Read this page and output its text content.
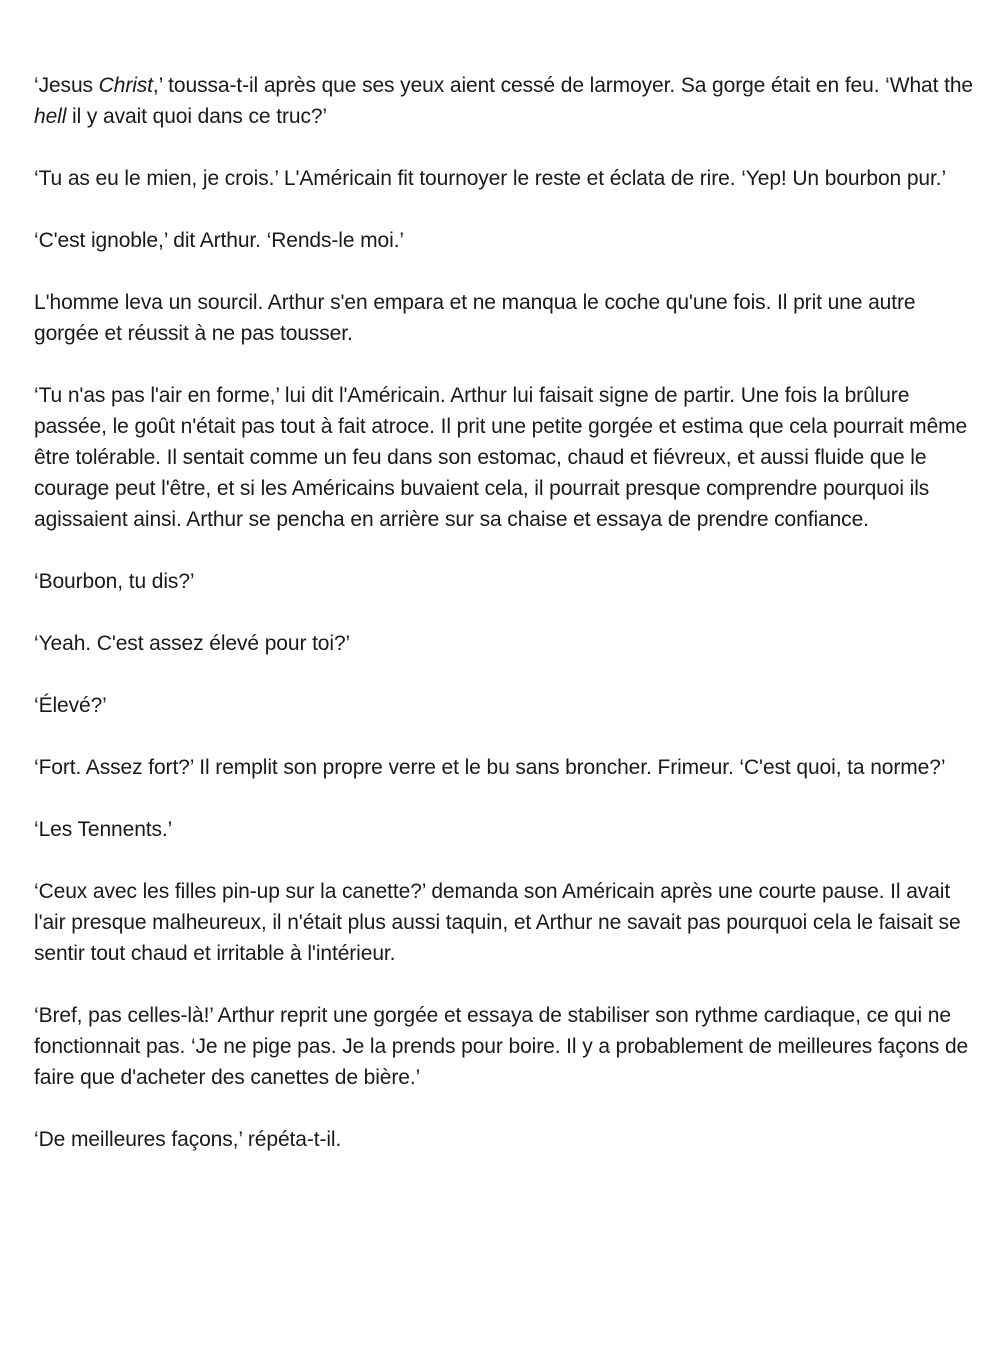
‘Jesus Christ,’ toussa-t-il après que ses yeux aient cessé de larmoyer. Sa gorge était en feu. ‘What the hell il y avait quoi dans ce truc?’

‘Tu as eu le mien, je crois.’ L'Américain fit tournoyer le reste et éclata de rire. ‘Yep! Un bourbon pur.’

‘C'est ignoble,’ dit Arthur. ‘Rends-le moi.’

L'homme leva un sourcil. Arthur s'en empara et ne manqua le coche qu'une fois. Il prit une autre gorgée et réussit à ne pas tousser.

‘Tu n'as pas l'air en forme,’ lui dit l'Américain. Arthur lui faisait signe de partir. Une fois la brûlure passée, le goût n'était pas tout à fait atroce. Il prit une petite gorgée et estima que cela pourrait même être tolérable. Il sentait comme un feu dans son estomac, chaud et fiévreux, et aussi fluide que le courage peut l'être, et si les Américains buvaient cela, il pourrait presque comprendre pourquoi ils agissaient ainsi. Arthur se pencha en arrière sur sa chaise et essaya de prendre confiance.

‘Bourbon, tu dis?’

‘Yeah. C'est assez élevé pour toi?’

‘Élevé?’

‘Fort. Assez fort?’ Il remplit son propre verre et le bu sans broncher. Frimeur. ‘C'est quoi, ta norme?’

‘Les Tennents.’

‘Ceux avec les filles pin-up sur la canette?’ demanda son Américain après une courte pause. Il avait l'air presque malheureux, il n'était plus aussi taquin, et Arthur ne savait pas pourquoi cela le faisait se sentir tout chaud et irritable à l'intérieur.

‘Bref, pas celles-là!’ Arthur reprit une gorgée et essaya de stabiliser son rythme cardiaque, ce qui ne fonctionnait pas. ‘Je ne pige pas. Je la prends pour boire. Il y a probablement de meilleures façons de faire que d'acheter des canettes de bière.’

‘De meilleures façons,’ répéta-t-il.
